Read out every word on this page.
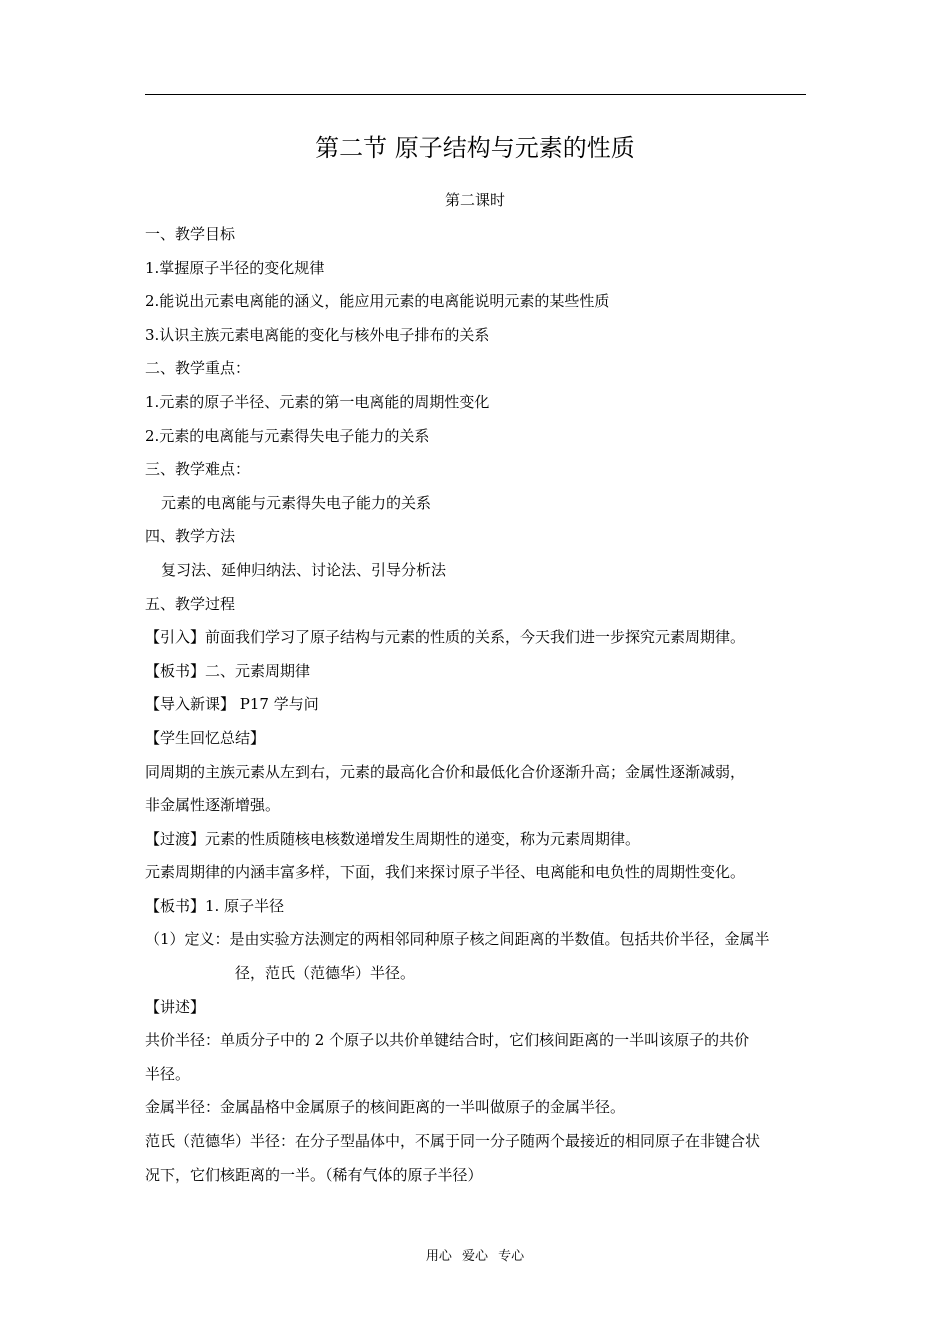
第二节 原子结构与元素的性质
第二课时
一、教学目标
1.掌握原子半径的变化规律
2.能说出元素电离能的涵义，能应用元素的电离能说明元素的某些性质
3.认识主族元素电离能的变化与核外电子排布的关系
二、教学重点：
1.元素的原子半径、元素的第一电离能的周期性变化
2.元素的电离能与元素得失电子能力的关系
三、教学难点：
元素的电离能与元素得失电子能力的关系
四、教学方法
复习法、延伸归纳法、讨论法、引导分析法
五、教学过程
【引入】前面我们学习了原子结构与元素的性质的关系，今天我们进一步探究元素周期律。
【板书】二、元素周期律
【导入新课】 P17 学与问
【学生回忆总结】
同周期的主族元素从左到右，元素的最高化合价和最低化合价逐渐升高；金属性逐渐减弱，
非金属性逐渐增强。
【过渡】元素的性质随核电核数递增发生周期性的递变，称为元素周期律。
元素周期律的内涵丰富多样，下面，我们来探讨原子半径、电离能和电负性的周期性变化。
【板书】1. 原子半径
（1）定义：是由实验方法测定的两相邻同种原子核之间距离的半数值。包括共价半径，金属半
径，范氏（范德华）半径。
【讲述】
共价半径：单质分子中的 2 个原子以共价单键结合时，它们核间距离的一半叫该原子的共价
半径。
金属半径：金属晶格中金属原子的核间距离的一半叫做原子的金属半径。
范氏（范德华）半径：在分子型晶体中，不属于同一分子随两个最接近的相同原子在非键合状
况下，它们核距离的一半。（稀有气体的原子半径）
用心 爱心 专心
